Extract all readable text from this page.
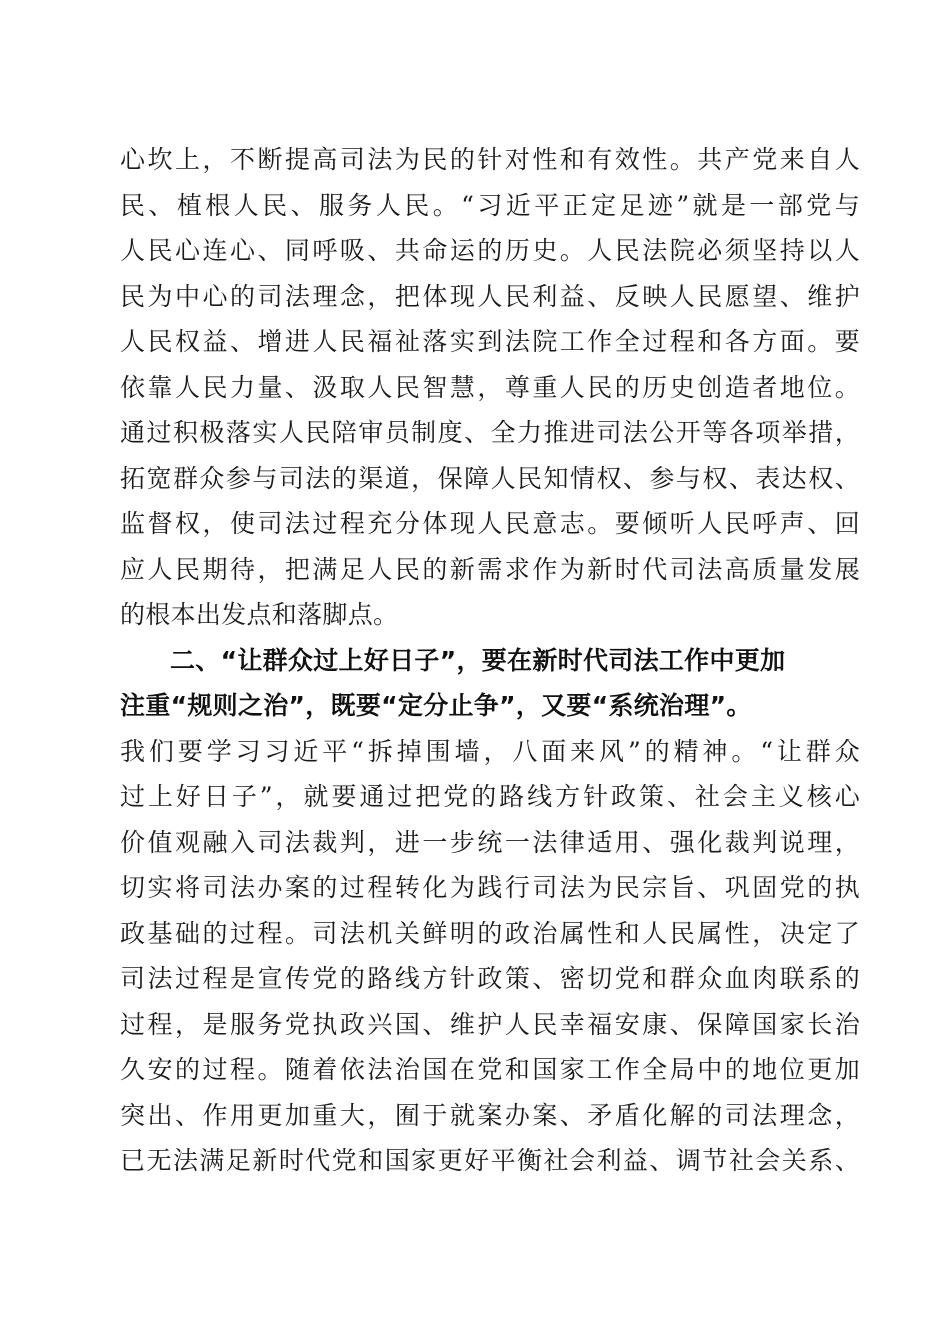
心坎上，不断提高司法为民的针对性和有效性。共产党来自人
民、植根人民、服务人民。“习近平正定足迹”就是一部党与
人民心连心、同呼吸、共命运的历史。人民法院必须坚持以人
民为中心的司法理念，把体现人民利益、反映人民愿望、维护
人民权益、增进人民福祉落实到法院工作全过程和各方面。要
依靠人民力量、汲取人民智慧，尊重人民的历史创造者地位。
通过积极落实人民陪审员制度、全力推进司法公开等各项举措，
拓宽群众参与司法的渠道，保障人民知情权、参与权、表达权、
监督权，使司法过程充分体现人民意志。要倾听人民呼声、回
应人民期待，把满足人民的新需求作为新时代司法高质量发展
的根本出发点和落脚点。
二、“让群众过上好日子”，要在新时代司法工作中更加
注重“规则之治”，既要“定分止争”，又要“系统治理”。
我们要学习习近平“拆掉围墙，八面来风”的精神。“让群众
过上好日子”，就要通过把党的路线方针政策、社会主义核心
价值观融入司法裁判，进一步统一法律适用、强化裁判说理，
切实将司法办案的过程转化为践行司法为民宗旨、巩固党的执
政基础的过程。司法机关鲜明的政治属性和人民属性，决定了
司法过程是宣传党的路线方针政策、密切党和群众血肉联系的
过程，是服务党执政兴国、维护人民幸福安康、保障国家长治
久安的过程。随着依法治国在党和国家工作全局中的地位更加
突出、作用更加重大，囿于就案办案、矛盾化解的司法理念，
已无法满足新时代党和国家更好平衡社会利益、调节社会关系、
